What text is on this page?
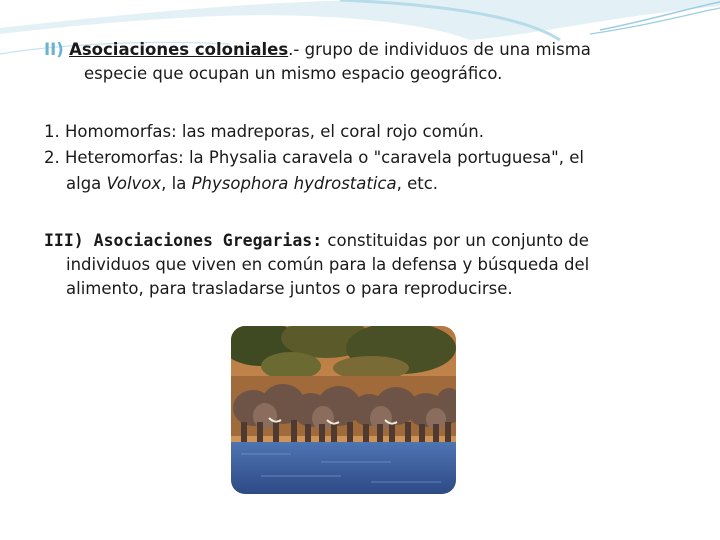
II) Asociaciones coloniales.- grupo de individuos de una misma
especie que ocupan un mismo espacio geográfico.

1. Homomorfas: las madreporas, el coral rojo común.
2. Heteromorfas: la Physalia caravela o "caravela portuguesa", el
alga Volvox, la Physophora hydrostatica, etc.

III) Asociaciones Gregarias: constituidas por un conjunto de
individuos que viven en común para la defensa y búsqueda del
alimento, para trasladarse juntos o para reproducirse.
